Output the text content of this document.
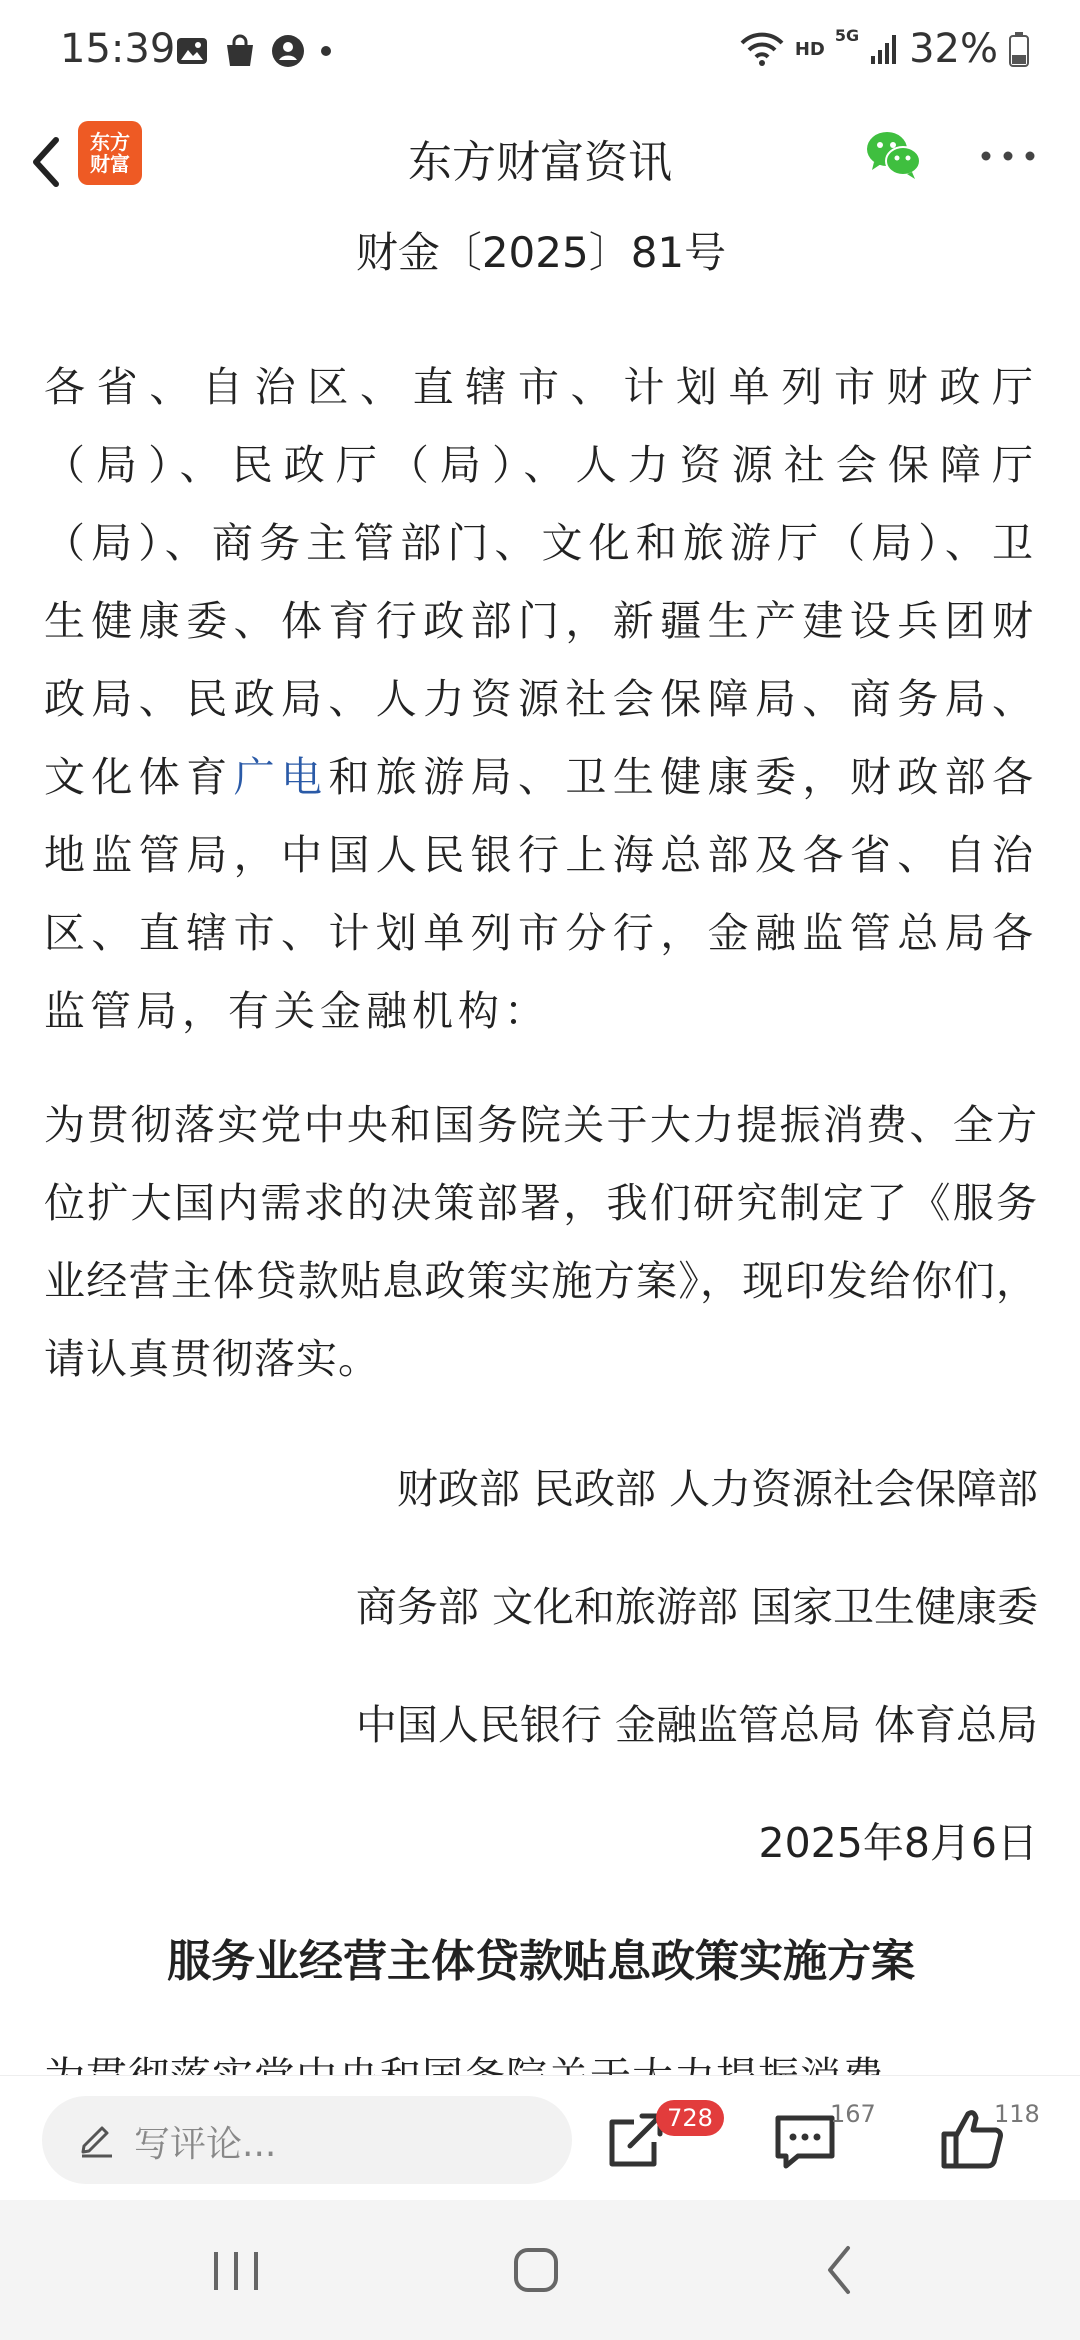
15:39	HD
5G 32%
东方
财富	东方财富资讯

财金〔2025〕81号

各省、自治区、直辖市、计划单列市财政厅（局）、民政厅（局）、人力资源社会保障厅（局）、商务主管部门、文化和旅游厅（局）、卫生健康委、体育行政部门，新疆生产建设兵团财政局、民政局、人力资源社会保障局、商务局、文化体育广电和旅游局、卫生健康委，财政部各地监管局，中国人民银行上海总部及各省、自治区、直辖市、计划单列市分行，金融监管总局各监管局，有关金融机构：

为贯彻落实党中央和国务院关于大力提振消费、全方位扩大国内需求的决策部署，我们研究制定了《服务业经营主体贷款贴息政策实施方案》，现印发给你们，请认真贯彻落实。

财政部 民政部 人力资源社会保障部

商务部 文化和旅游部 国家卫生健康委

中国人民银行 金融监管总局 体育总局

2025年8月6日

服务业经营主体贷款贴息政策实施方案

写评论...
728	167	118
